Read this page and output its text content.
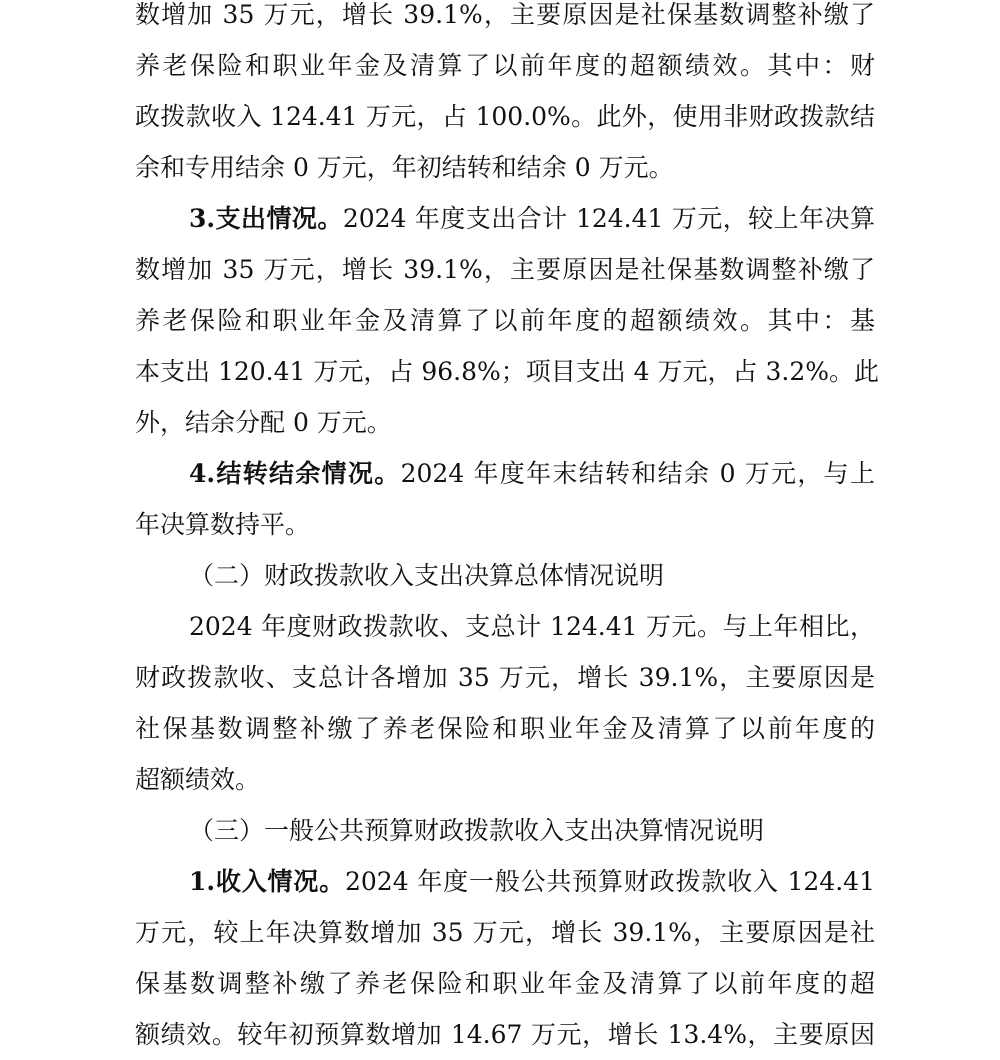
数增加 35 万元，增长 39.1%，主要原因是社保基数调整补缴了
养老保险和职业年金及清算了以前年度的超额绩效。其中：财
政拨款收入 124.41 万元，占 100.0%。此外，使用非财政拨款结
余和专用结余 0 万元，年初结转和结余 0 万元。
3.支出情况。2024 年度支出合计 124.41 万元，较上年决算
数增加 35 万元，增长 39.1%，主要原因是社保基数调整补缴了
养老保险和职业年金及清算了以前年度的超额绩效。其中：基
本支出 120.41 万元，占 96.8%；项目支出 4 万元，占 3.2%。此
外，结余分配 0 万元。
4.结转结余情况。2024 年度年末结转和结余 0 万元，与上
年决算数持平。
（二）财政拨款收入支出决算总体情况说明
2024 年度财政拨款收、支总计 124.41 万元。与上年相比，
财政拨款收、支总计各增加 35 万元，增长 39.1%，主要原因是
社保基数调整补缴了养老保险和职业年金及清算了以前年度的
超额绩效。
（三）一般公共预算财政拨款收入支出决算情况说明
1.收入情况。2024 年度一般公共预算财政拨款收入 124.41
万元，较上年决算数增加 35 万元，增长 39.1%，主要原因是社
保基数调整补缴了养老保险和职业年金及清算了以前年度的超
额绩效。较年初预算数增加 14.67 万元，增长 13.4%，主要原因
